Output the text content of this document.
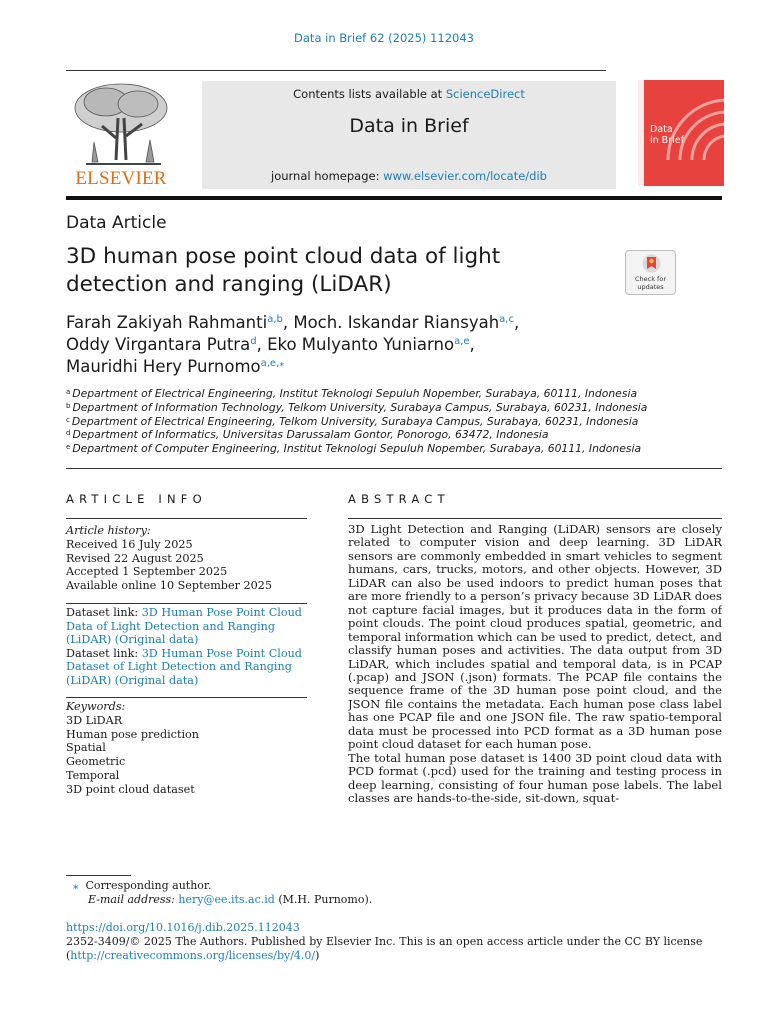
Data in Brief 62 (2025) 112043
ELSEVIER
Contents lists available at ScienceDirect
Data in Brief
journal homepage: www.elsevier.com/locate/dib
Data
in Brief
Data Article
3D human pose point cloud data of light detection and ranging (LiDAR)	Check for
updates
Farah Zakiyah Rahmanti$^{a,b}$, Moch. Iskandar Riansyah$^{a,c}$,
Oddy Virgantara Putra$^d$, Eko Mulyanto Yuniarno$^{a,e}$,
Mauridhi Hery Purnomo$^{a,e,⁎}$
$^a$ Department of Electrical Engineering, Institut Teknologi Sepuluh Nopember, Surabaya, 60111, Indonesia
$^b$ Department of Information Technology, Telkom University, Surabaya Campus, Surabaya, 60231, Indonesia
$^c$ Department of Electrical Engineering, Telkom University, Surabaya Campus, Surabaya, 60231, Indonesia
$^d$ Department of Informatics, Universitas Darussalam Gontor, Ponorogo, 63472, Indonesia
$^e$ Department of Computer Engineering, Institut Teknologi Sepuluh Nopember, Surabaya, 60111, Indonesia
ARTICLE INFO
Article history:
Received 16 July 2025
Revised 22 August 2025
Accepted 1 September 2025
Available online 10 September 2025
Dataset link: 3D Human Pose Point Cloud Data of Light Detection and Ranging (LiDAR) (Original data)
Dataset link: 3D Human Pose Point Cloud Dataset of Light Detection and Ranging (LiDAR) (Original data)
Keywords:
3D LiDAR
Human pose prediction
Spatial
Geometric
Temporal
3D point cloud dataset
ABSTRACT

3D Light Detection and Ranging (LiDAR) sensors are closely related to computer vision and deep learning. 3D LiDAR sensors are commonly embedded in smart vehicles to segment humans, cars, trucks, motors, and other objects. However, 3D LiDAR can also be used indoors to predict human poses that are more friendly to a person’s privacy because 3D LiDAR does not capture facial images, but it produces data in the form of point clouds. The point cloud produces spatial, geometric, and temporal information which can be used to predict, detect, and classify human poses and activities. The data output from 3D LiDAR, which includes spatial and temporal data, is in PCAP (.pcap) and JSON (.json) formats. The PCAP file contains the sequence frame of the 3D human pose point cloud, and the JSON file contains the metadata. Each human pose class label has one PCAP file and one JSON file. The raw spatio-temporal data must be processed into PCD format as a 3D human pose point cloud dataset for each human pose.

The total human pose dataset is 1400 3D point cloud data with PCD format (.pcd) used for the training and testing process in deep learning, consisting of four human pose labels. The label classes are hands-to-the-side, sit-down, squat-

⁎ Corresponding author.
E-mail address: hery@ee.its.ac.id (M.H. Purnomo).
https://doi.org/10.1016/j.dib.2025.112043
2352-3409/© 2025 The Authors. Published by Elsevier Inc. This is an open access article under the CC BY license
(http://creativecommons.org/licenses/by/4.0/)
